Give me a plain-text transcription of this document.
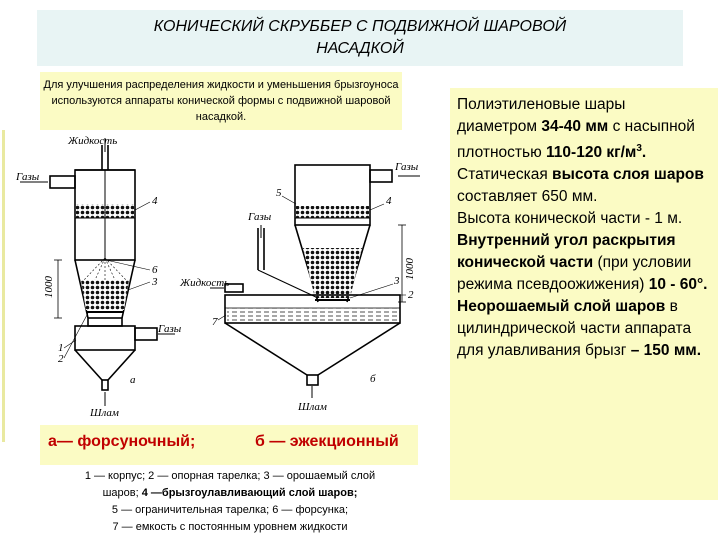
КОНИЧЕСКИЙ СКРУББЕР С ПОДВИЖНОЙ ШАРОВОЙ НАСАДКОЙ
Для улучшения распределения жидкости и уменьшения брызгоуноса используются аппараты конической формы с подвижной шаровой насадкой.
Жидкость
Газы
Газы
Шлам
1000
а
4
6
3
1
2
Газы
Газы
Жидкость
Шлам
1000
б
5
4
3
2
7
а— форсуночный;	б — эжекционный
1 — корпус; 2 — опорная тарелка; 3 — орошаемый слой
шаров; 4 —брызгоулавливающий слой шаров;
5 — ограничительная тарелка; 6 — форсунка;
7 — емкость с постоянным уровнем жидкости
Полиэтиленовые шары диаметром 34-40 мм с насыпной плотностью 110-120 $кг/м^3$.
Статическая высота слоя шаров составляет 650 мм.
Высота конической части - 1 м.
Внутренний угол раскрытия конической части (при условии режима псевдоожижения) 10 - 60°.
Неорошаемый слой шаров в цилиндрической части аппарата для улавливания брызг – 150 мм.
